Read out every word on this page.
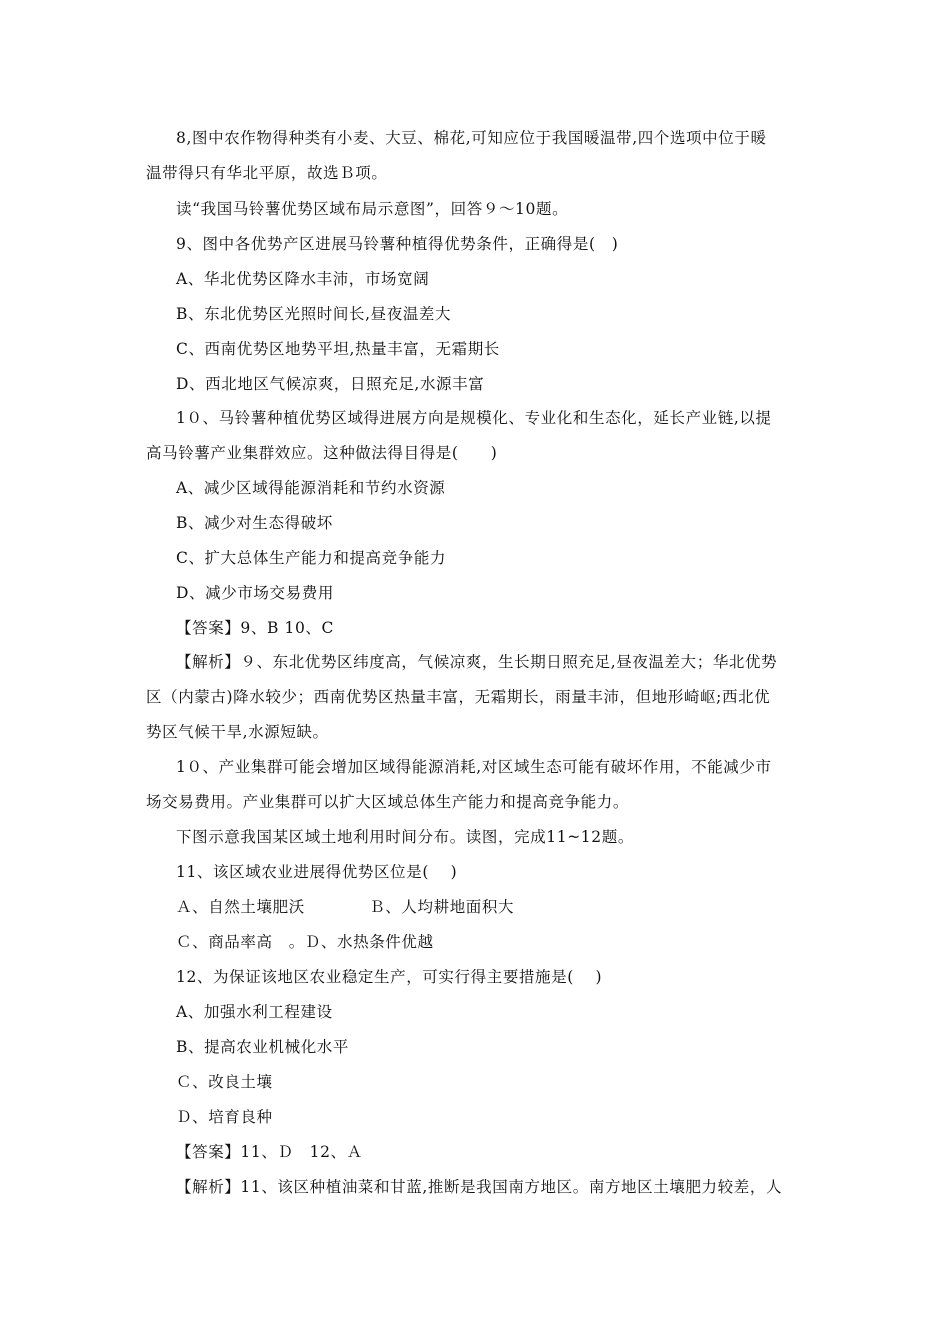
8,图中农作物得种类有小麦、大豆、棉花,可知应位于我国暖温带,四个选项中位于暖
温带得只有华北平原，故选Ｂ项。
读“我国马铃薯优势区域布局示意图”，回答９～10题。
9、图中各优势产区进展马铃薯种植得优势条件，正确得是(　)
A、华北优势区降水丰沛，市场宽阔
B、东北优势区光照时间长,昼夜温差大
C、西南优势区地势平坦,热量丰富，无霜期长
D、西北地区气候凉爽，日照充足,水源丰富
1０、马铃薯种植优势区域得进展方向是规模化、专业化和生态化，延长产业链,以提
高马铃薯产业集群效应。这种做法得目得是(　　)
A、减少区域得能源消耗和节约水资源
B、减少对生态得破坏
C、扩大总体生产能力和提高竞争能力
D、减少市场交易费用
【答案】9、B 10、C
【解析】９、东北优势区纬度高，气候凉爽，生长期日照充足,昼夜温差大；华北优势
区（内蒙古)降水较少；西南优势区热量丰富，无霜期长，雨量丰沛，但地形崎岖;西北优
势区气候干旱,水源短缺。
1０、产业集群可能会增加区域得能源消耗,对区域生态可能有破坏作用，不能减少市
场交易费用。产业集群可以扩大区域总体生产能力和提高竞争能力。
下图示意我国某区域土地利用时间分布。读图，完成11~12题。
11、该区域农业进展得优势区位是(　 )
Ａ、自然土壤肥沃　　　　Ｂ、人均耕地面积大
Ｃ、商品率高　。Ｄ、水热条件优越
12、为保证该地区农业稳定生产，可实行得主要措施是(　 )
A、加强水利工程建设
B、提高农业机械化水平
Ｃ、改良土壤
Ｄ、培育良种
【答案】11、Ｄ　12、Ａ
【解析】11、该区种植油菜和甘蓝,推断是我国南方地区。南方地区土壤肥力较差，人
